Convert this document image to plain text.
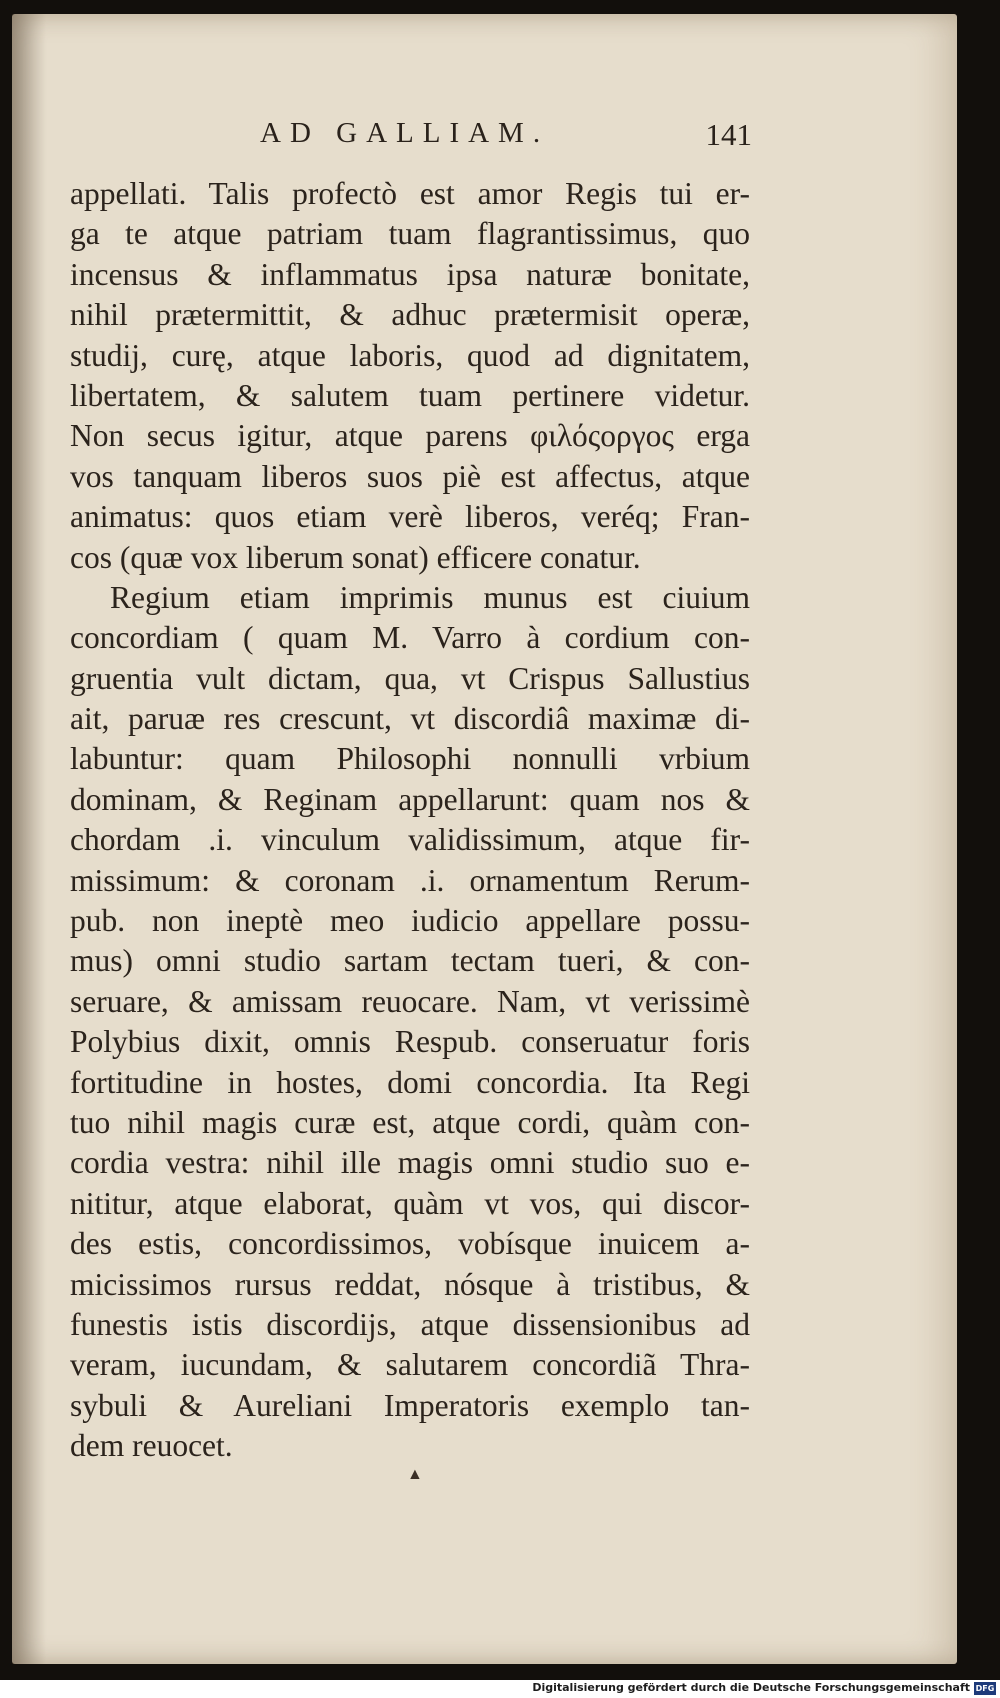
AD GALLIAM.	141
appellati. Talis profectò est amor Regis tui er-
ga te atque patriam tuam flagrantissimus, quo
incensus & inflammatus ipsa naturæ bonitate,
nihil prætermittit, & adhuc prætermisit operæ,
studij, curę, atque laboris, quod ad dignitatem,
libertatem, & salutem tuam pertinere videtur.
Non secus igitur, atque parens φιλόςοργος erga
vos tanquam liberos suos piè est affectus, atque
animatus: quos etiam verè liberos, veréq; Fran-
cos (quæ vox liberum sonat) efficere conatur.
Regium etiam imprimis munus est ciuium
concordiam ( quam M. Varro à cordium con-
gruentia vult dictam, qua, vt Crispus Sallustius
ait, paruæ res crescunt, vt discordiâ maximæ di-
labuntur: quam Philosophi nonnulli vrbium
dominam, & Reginam appellarunt: quam nos &
chordam .i. vinculum validissimum, atque fir-
missimum: & coronam .i. ornamentum Rerum-
pub. non ineptè meo iudicio appellare possu-
mus) omni studio sartam tectam tueri, & con-
seruare, & amissam reuocare. Nam, vt verissimè
Polybius dixit, omnis Respub. conseruatur foris
fortitudine in hostes, domi concordia. Ita Regi
tuo nihil magis curæ est, atque cordi, quàm con-
cordia vestra: nihil ille magis omni studio suo e-
nititur, atque elaborat, quàm vt vos, qui discor-
des estis, concordissimos, vobísque inuicem a-
micissimos rursus reddat, nósque à tristibus, &
funestis istis discordijs, atque dissensionibus ad
veram, iucundam, & salutarem concordiã Thra-
sybuli & Aureliani Imperatoris exemplo tan-
dem reuocet.
▲
Digitalisierung gefördert durch die Deutsche Forschungsgemeinschaft DFG
